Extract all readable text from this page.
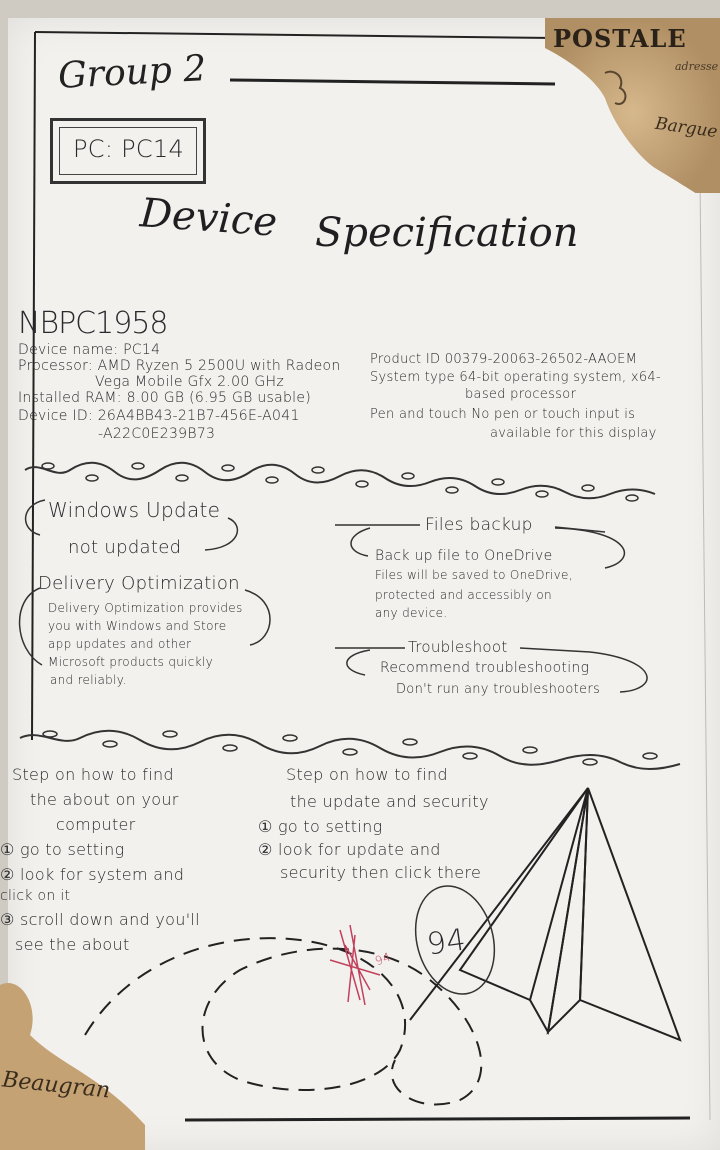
POSTALE
adresse
Bargue
Beaugran
Group 2
PC: PC14
Device Specification
NBPC1958
Device name: PC14
Processor: AMD Ryzen 5 2500U with Radeon
Vega Mobile Gfx 2.00 GHz
Installed RAM: 8.00 GB (6.95 GB usable)
Device ID: 26A4BB43-21B7-456E-A041
-A22C0E239B73
Product ID 00379-20063-26502-AAOEM
System type 64-bit operating system, x64-
based processor
Pen and touch No pen or touch input is
available for this display
Windows Update
not updated
Delivery Optimization
Delivery Optimization provides
you with Windows and Store
app updates and other
Microsoft products quickly
and reliably.
Files backup
Back up file to OneDrive
Files will be saved to OneDrive,
protected and accessibly on
any device.
Troubleshoot
Recommend troubleshooting
Don't run any troubleshooters
Step on how to find
the about on your
computer
① go to setting
② look for system and
click on it
③ scroll down and you'll
see the about
Step on how to find
the update and security
① go to setting
② look for update and
security then click there
94
94
